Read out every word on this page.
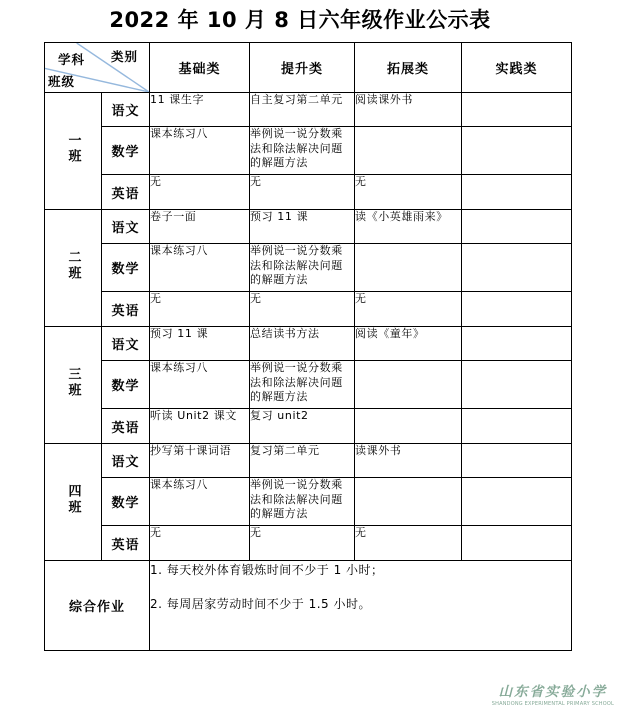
2022 年 10 月 8 日六年级作业公示表
学科 类别
班级		基础类	提升类	拓展类	实践类
一班	语文	11 课生字	自主复习第二单元	阅读课外书	
	数学	课本练习八	举例说一说分数乘法和除法解决问题的解题方法		
	英语	无	无	无	
二班	语文	卷子一面	预习 11 课	读《小英雄雨来》	
	数学	课本练习八	举例说一说分数乘法和除法解决问题的解题方法		
	英语	无	无	无	
三班	语文	预习 11 课	总结读书方法	阅读《童年》	
	数学	课本练习八	举例说一说分数乘法和除法解决问题的解题方法		
	英语	听读 Unit2 课文	复习 unit2		
四班	语文	抄写第十课词语	复习第二单元	读课外书	
	数学	课本练习八	举例说一说分数乘法和除法解决问题的解题方法		
	英语	无	无	无	
综合作业		1. 每天校外体育锻炼时间不少于 1 小时；

2. 每周居家劳动时间不少于 1.5 小时。			

山东省实验小学
SHANDONG EXPERIMENTAL PRIMARY SCHOOL
